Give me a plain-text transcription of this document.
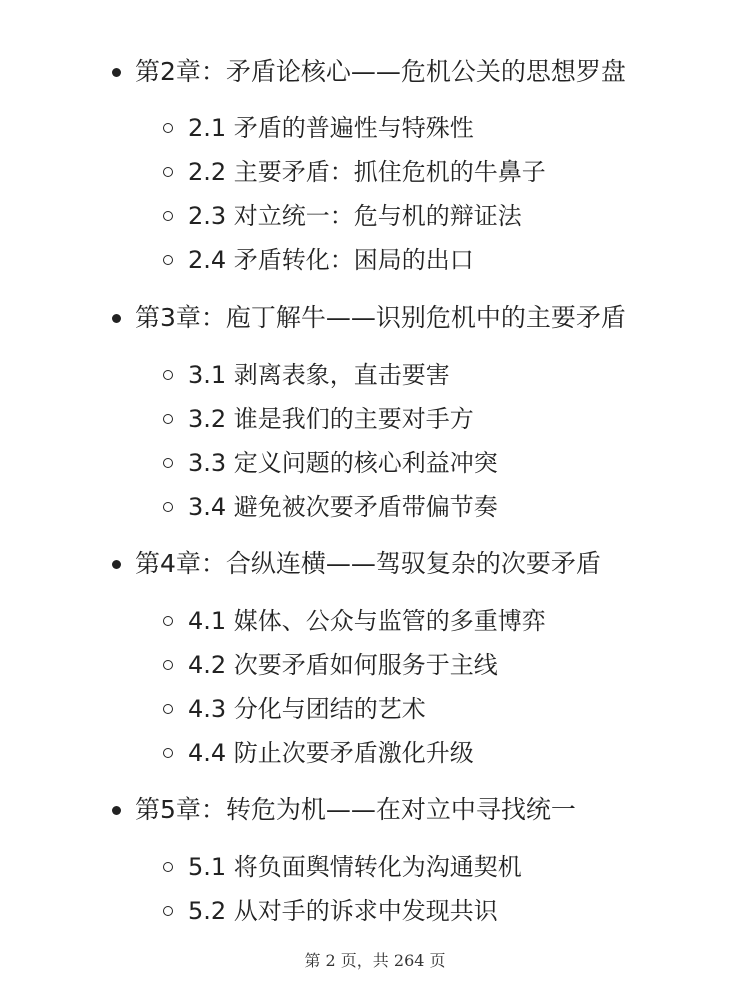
第2章：矛盾论核心——危机公关的思想罗盘
2.1 矛盾的普遍性与特殊性
2.2 主要矛盾：抓住危机的牛鼻子
2.3 对立统一：危与机的辩证法
2.4 矛盾转化：困局的出口
第3章：庖丁解牛——识别危机中的主要矛盾
3.1 剥离表象，直击要害
3.2 谁是我们的主要对手方
3.3 定义问题的核心利益冲突
3.4 避免被次要矛盾带偏节奏
第4章：合纵连横——驾驭复杂的次要矛盾
4.1 媒体、公众与监管的多重博弈
4.2 次要矛盾如何服务于主线
4.3 分化与团结的艺术
4.4 防止次要矛盾激化升级
第5章：转危为机——在对立中寻找统一
5.1 将负面舆情转化为沟通契机
5.2 从对手的诉求中发现共识
第 2 页，共 264 页
